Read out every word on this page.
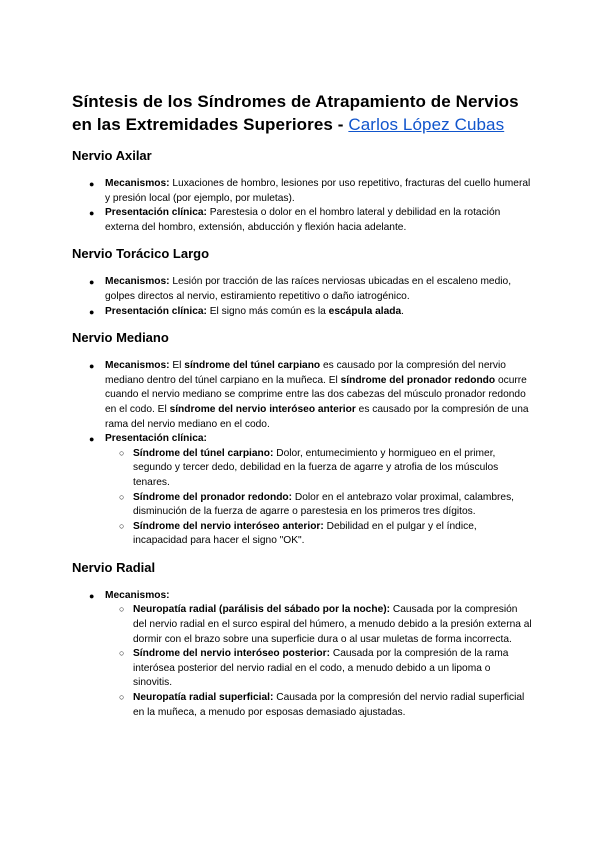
Síntesis de los Síndromes de Atrapamiento de Nervios en las Extremidades Superiores - Carlos López Cubas
Nervio Axilar
● Mecanismos: Luxaciones de hombro, lesiones por uso repetitivo, fracturas del cuello humeral y presión local (por ejemplo, por muletas).
● Presentación clínica: Parestesia o dolor en el hombro lateral y debilidad en la rotación externa del hombro, extensión, abducción y flexión hacia adelante.
Nervio Torácico Largo
● Mecanismos: Lesión por tracción de las raíces nerviosas ubicadas en el escaleno medio, golpes directos al nervio, estiramiento repetitivo o daño iatrogénico.
● Presentación clínica: El signo más común es la escápula alada.
Nervio Mediano
● Mecanismos: El síndrome del túnel carpiano es causado por la compresión del nervio mediano dentro del túnel carpiano en la muñeca. El síndrome del pronador redondo ocurre cuando el nervio mediano se comprime entre las dos cabezas del músculo pronador redondo en el codo. El síndrome del nervio interóseo anterior es causado por la compresión de una rama del nervio mediano en el codo.
● Presentación clínica:
○ Síndrome del túnel carpiano: Dolor, entumecimiento y hormigueo en el primer, segundo y tercer dedo, debilidad en la fuerza de agarre y atrofia de los músculos tenares.
○ Síndrome del pronador redondo: Dolor en el antebrazo volar proximal, calambres, disminución de la fuerza de agarre o parestesia en los primeros tres dígitos.
○ Síndrome del nervio interóseo anterior: Debilidad en el pulgar y el índice, incapacidad para hacer el signo "OK".
Nervio Radial
● Mecanismos:
○ Neuropatía radial (parálisis del sábado por la noche): Causada por la compresión del nervio radial en el surco espiral del húmero, a menudo debido a la presión externa al dormir con el brazo sobre una superficie dura o al usar muletas de forma incorrecta.
○ Síndrome del nervio interóseo posterior: Causada por la compresión de la rama interósea posterior del nervio radial en el codo, a menudo debido a un lipoma o sinovitis.
○ Neuropatía radial superficial: Causada por la compresión del nervio radial superficial en la muñeca, a menudo por esposas demasiado ajustadas.
